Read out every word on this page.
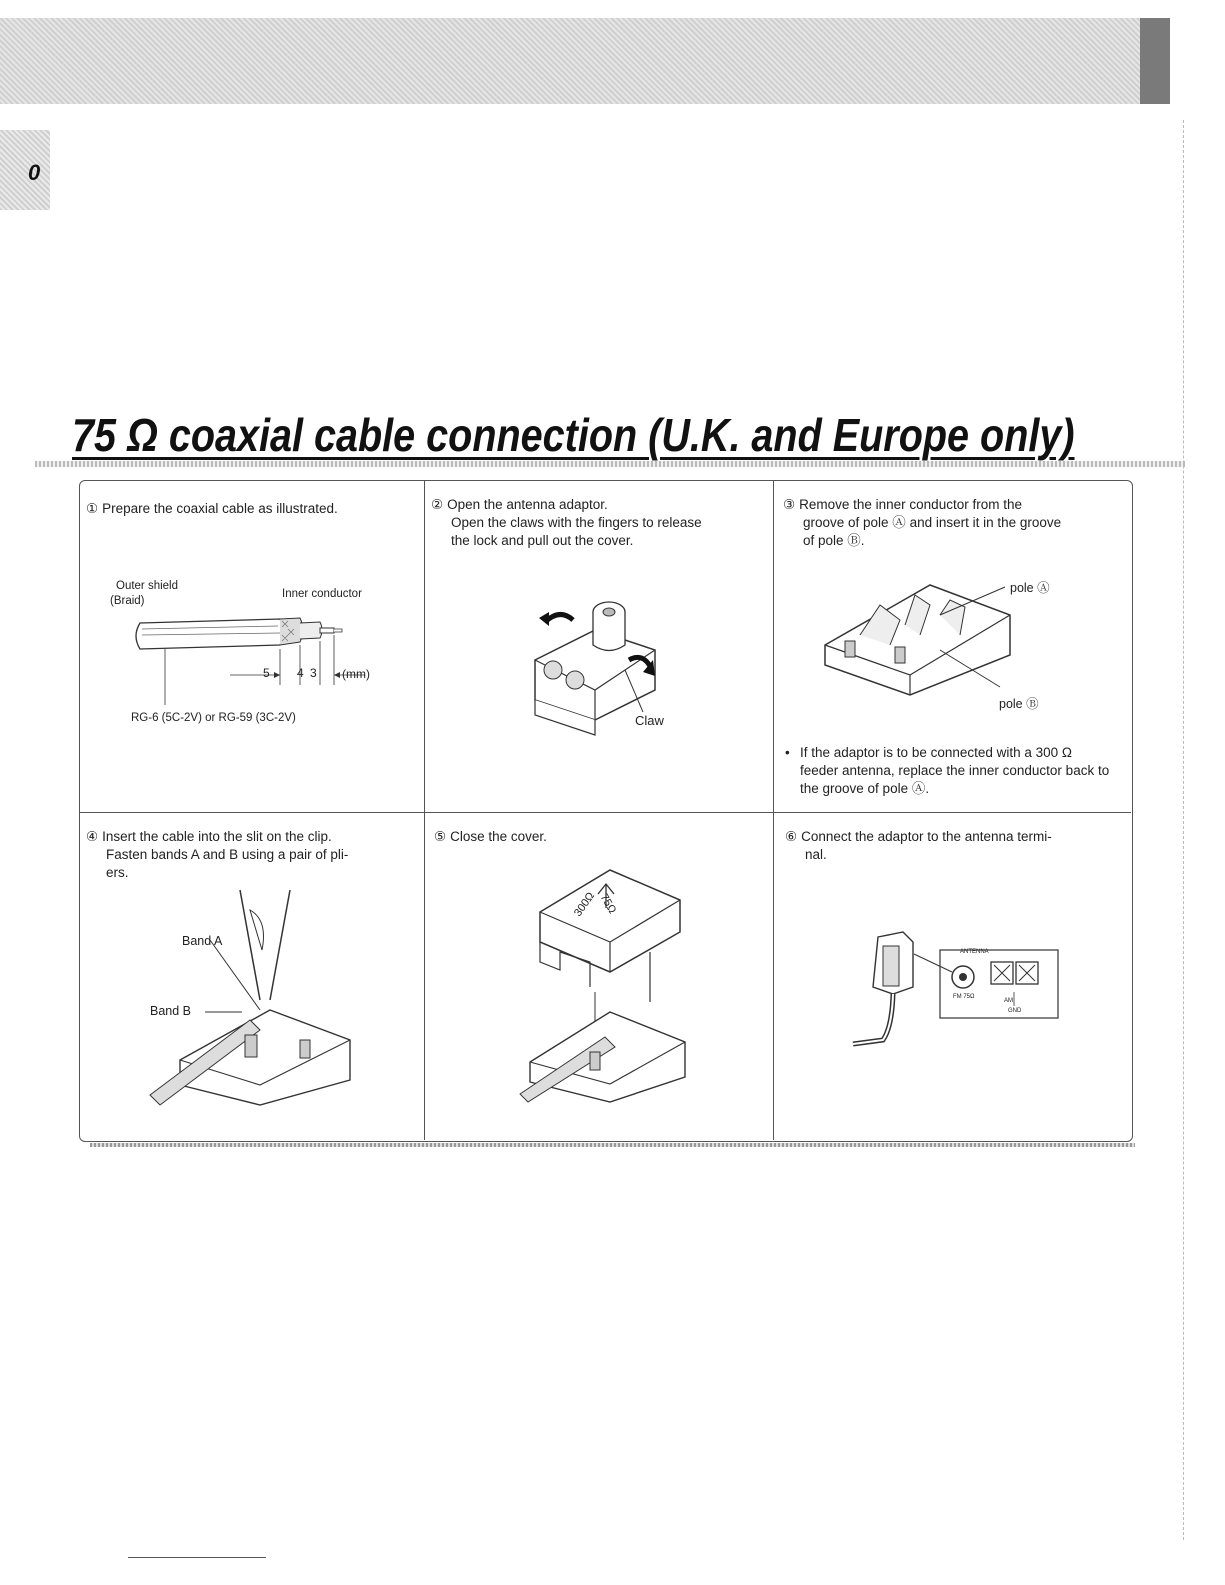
0
75 Ω coaxial cable connection (U.K. and Europe only)
① Prepare the coaxial cable as illustrated.	② Open the antenna adaptor.
Open the claws with the fingers to release
the lock and pull out the cover.
③ Remove the inner conductor from the
groove of pole Ⓐ and insert it in the groove
of pole Ⓑ.
④ Insert the cable into the slit on the clip.
Fasten bands A and B using a pair of pli-
ers.
⑤ Close the cover.	⑥ Connect the adaptor to the antenna termi-
nal.
Outer shield
(Braid)
Inner conductor
5 4 3 (mm)
RG-6 (5C-2V) or RG-59 (3C-2V)	Claw
pole Ⓐ
pole Ⓑ
• If the adaptor is to be connected with a 300 Ω feeder antenna, replace the inner conductor back to the groove of pole Ⓐ.
Band A
Band B
75Ω
300Ω
ANTENNA
FM 75Ω
AM
GND
